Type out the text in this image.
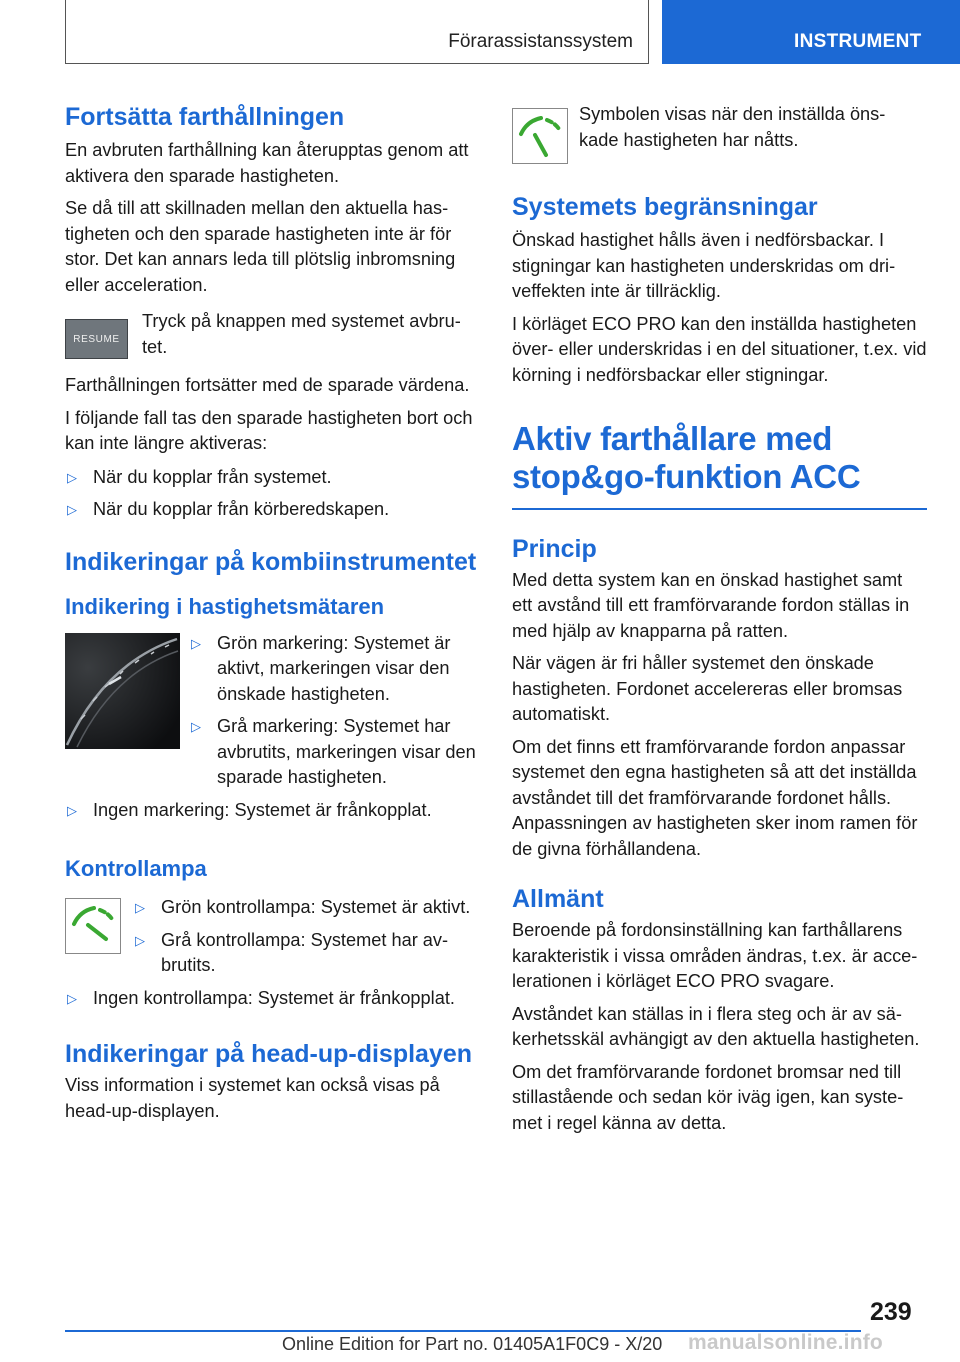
Förarassistanssystem	INSTRUMENT
Fortsätta farthållningen

En avbruten farthållning kan återupptas genom att aktivera den sparade hastigheten.

Se då till att skillnaden mellan den aktuella hastigheten och den sparade hastigheten inte är för stor. Det kan annars leda till plötslig inbromsning eller acceleration.

RESUME
Tryck på knappen med systemet avbrutet.

Farthållningen fortsätter med de sparade värdena.

I följande fall tas den sparade hastigheten bort och kan inte längre aktiveras:

▷ När du kopplar från systemet.
▷ När du kopplar från körberedskapen.
Indikeringar på kombiinstrumentet
Indikering i hastighetsmätaren
▷ Grön markering: Systemet är aktivt, markeringen visar den önskade hastigheten.
▷ Grå markering: Systemet har avbrutits, markeringen visar den sparade hastigheten.
▷ Ingen markering: Systemet är frånkopplat.
Kontrollampa
▷ Grön kontrollampa: Systemet är aktivt.
▷ Grå kontrollampa: Systemet har avbrutits.
▷ Ingen kontrollampa: Systemet är frånkopplat.
Indikeringar på head-up-displayen

Viss information i systemet kan också visas på head-up-displayen.

Symbolen visas när den inställda önskade hastigheten har nåtts.
Systemets begränsningar

Önskad hastighet hålls även i nedförsbackar. I stigningar kan hastigheten underskridas om driveffekten inte är tillräcklig.

I körläget ECO PRO kan den inställda hastigheten över- eller underskridas i en del situationer, t.ex. vid körning i nedförsbackar eller stigningar.

Aktiv farthållare med stop&go-funktion ACC
Princip

Med detta system kan en önskad hastighet samt ett avstånd till ett framförvarande fordon ställas in med hjälp av knapparna på ratten.

När vägen är fri håller systemet den önskade hastigheten. Fordonet accelereras eller bromsas automatiskt.

Om det finns ett framförvarande fordon anpassar systemet den egna hastigheten så att det inställda avståndet till det framförvarande fordonet hålls. Anpassningen av hastigheten sker inom ramen för de givna förhållandena.

Allmänt

Beroende på fordonsinställning kan farthållarens karakteristik i vissa områden ändras, t.ex. är accelerationen i körläget ECO PRO svagare.

Avståndet kan ställas in i flera steg och är av säkerhetsskäl avhängigt av den aktuella hastigheten.

Om det framförvarande fordonet bromsar ned till stillastående och sedan kör iväg igen, kan systemet i regel känna av detta.

239
Online Edition for Part no. 01405A1F0C9 - X/20 manualsonline.info
